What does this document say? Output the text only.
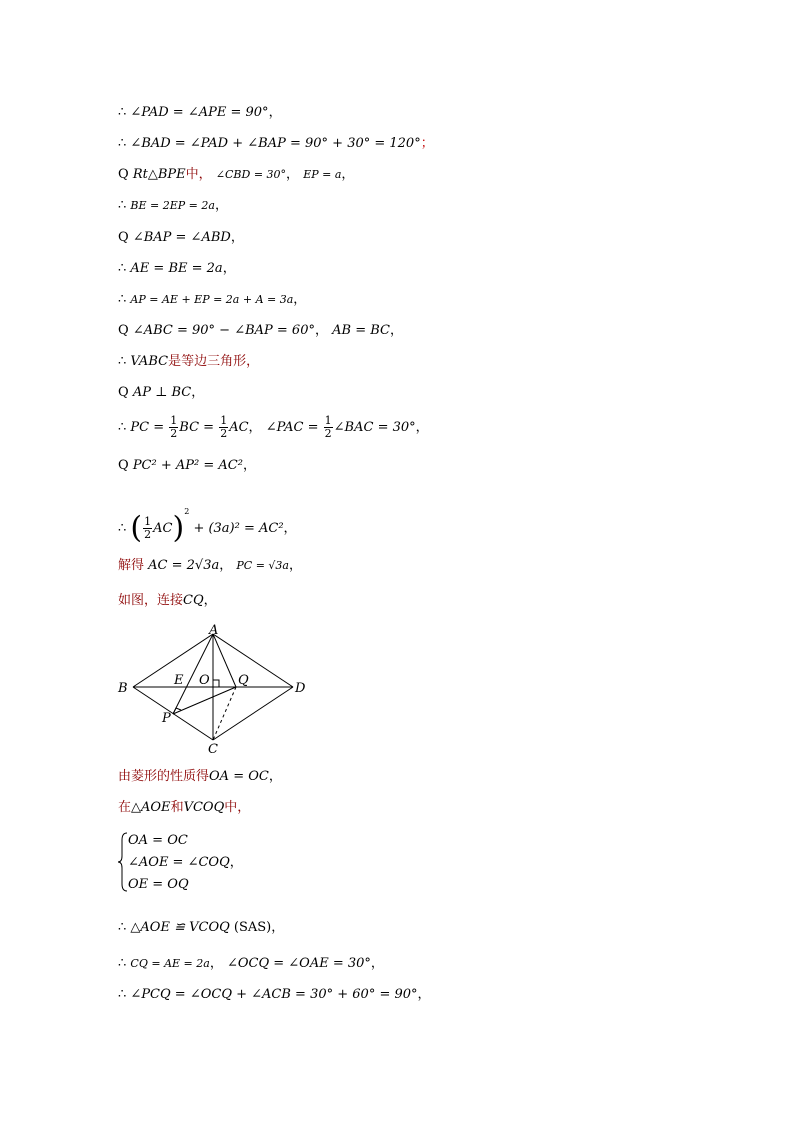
∴ ∠PAD = ∠APE = 90°，
∴ ∠BAD = ∠PAD + ∠BAP = 90° + 30° = 120°；
Q Rt△BPE中， ∠CBD = 30°， EP = a，
∴ BE = 2EP = 2a，
Q ∠BAP = ∠ABD，
∴ AE = BE = 2a，
∴ AP = AE + EP = 2a + A = 3a，
Q ∠ABC = 90° − ∠BAP = 60°， AB = BC，
∴ VABC是等边三角形，
Q AP ⊥ BC，
∴ PC = $\frac{1}{2}$ BC = $\frac{1}{2}$ AC， ∠PAC = $\frac{1}{2}$ ∠BAC = 30°，
Q PC² + AP² = AC²，
∴ ( $\frac{1}{2} AC)^2 + (3a)^2 = AC^2$，
解得 AC = 2√3a， PC = √3a，
如图，连接CQ，
A
B
C
D
E O
P
Q
由菱形的性质得OA = OC，
在△AOE和VCOQ中，
OA = OC
∠AOE = ∠COQ，
OE = OQ
∴ △AOE ≌ VCOQ (SAS)，
∴ CQ = AE = 2a， ∠OCQ = ∠OAE = 30°，
∴ ∠PCQ = ∠OCQ + ∠ACB = 30° + 60° = 90°，
